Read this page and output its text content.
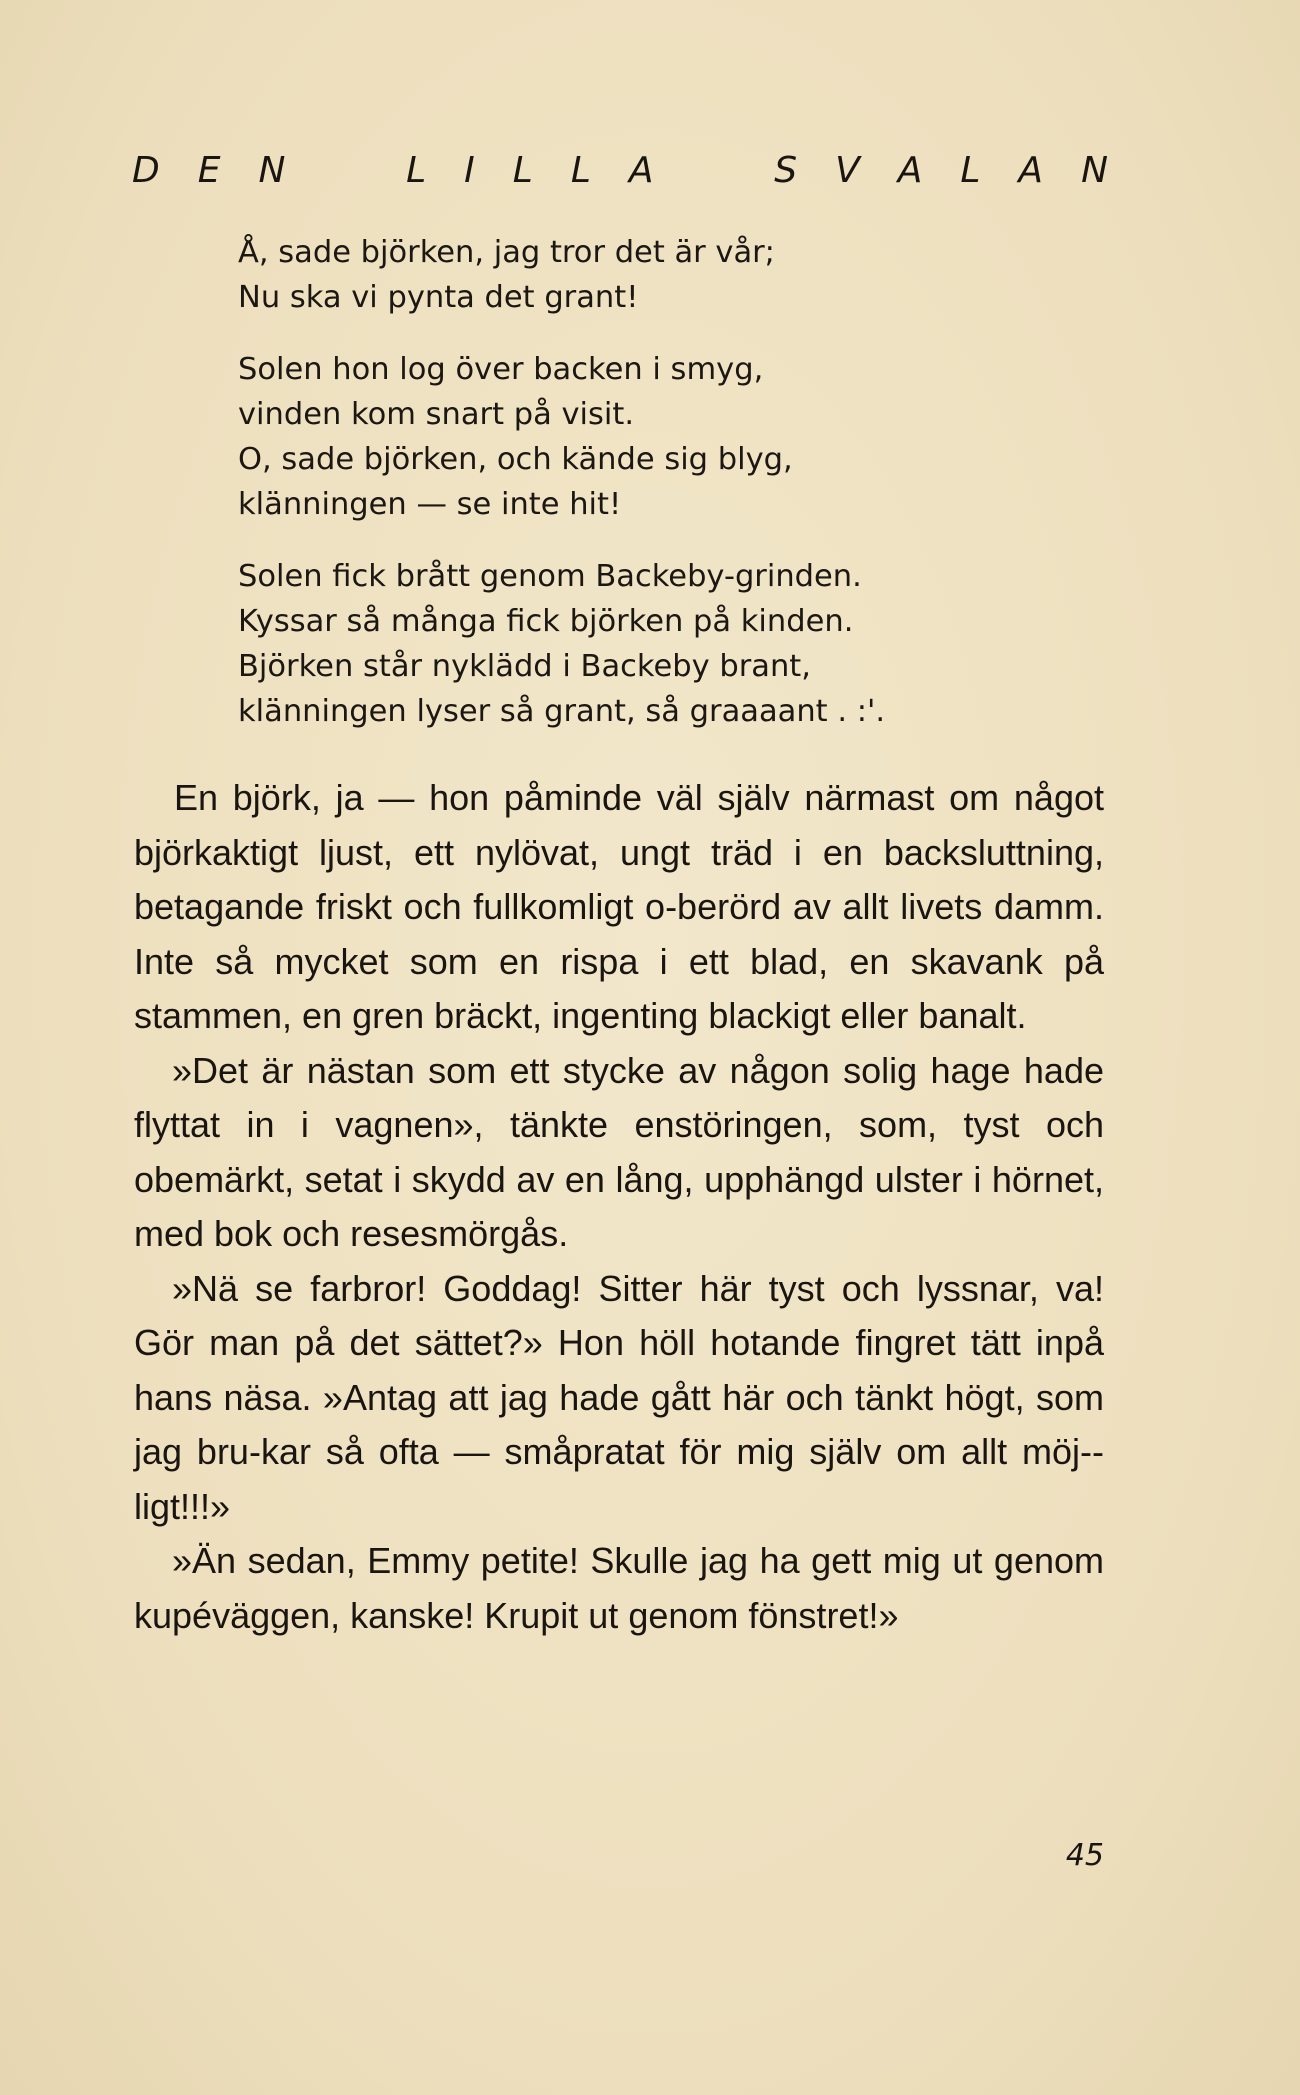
D E N	L I L L A	S V A L A N
Å, sade björken, jag tror det är vår;
Nu ska vi pynta det grant!
Solen hon log över backen i smyg,
vinden kom snart på visit.
O, sade björken, och kände sig blyg,
klänningen — se inte hit!
Solen fick brått genom Backeby-grinden.
Kyssar så många fick björken på kinden.
Björken står nyklädd i Backeby brant,
klänningen lyser så grant, så graaaant . :'.

En björk, ja — hon påminde väl själv närmast om något björkaktigt ljust, ett nylövat, ungt träd i en backsluttning, betagande friskt och fullkomligt o-berörd av allt livets damm. Inte så mycket som en rispa i ett blad, en skavank på stammen, en gren bräckt, ingenting blackigt eller banalt.

»Det är nästan som ett stycke av någon solig hage hade flyttat in i vagnen», tänkte enstöringen, som, tyst och obemärkt, setat i skydd av en lång, upphängd ulster i hörnet, med bok och resesmörgås.

»Nä se farbror! Goddag! Sitter här tyst och lyssnar, va! Gör man på det sättet?» Hon höll hotande fingret tätt inpå hans näsa. »Antag att jag hade gått här och tänkt högt, som jag bru-kar så ofta — småpratat för mig själv om allt möj-ligt!!!»

»Än sedan, Emmy petite! Skulle jag ha gett mig ut genom kupéväggen, kanske! Krupit ut genom fönstret!»

45
